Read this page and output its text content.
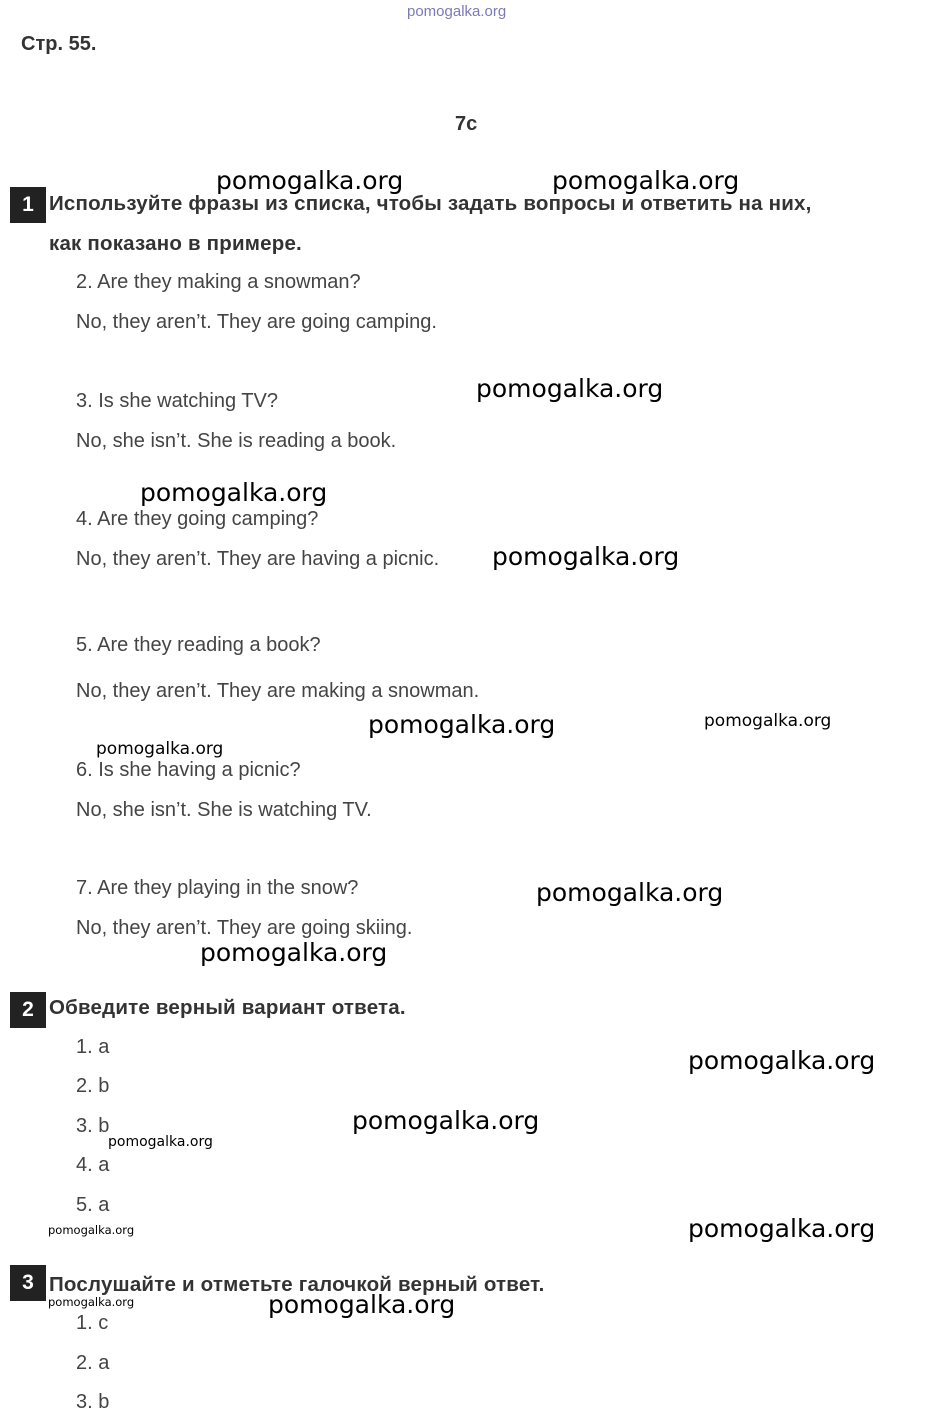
pomogalka.org
Стр. 55.
7c
1 Используйте фразы из списка, чтобы задать вопросы и ответить на них,
как показано в примере.
2. Are they making a snowman?
No, they aren’t. They are going camping.
3. Is she watching TV?
No, she isn’t. She is reading a book.
4. Are they going camping?
No, they aren’t. They are having a picnic.
5. Are they reading a book?
No, they aren’t. They are making a snowman.
6. Is she having a picnic?
No, she isn’t. She is watching TV.
7. Are they playing in the snow?
No, they aren’t. They are going skiing.
2 Обведите верный вариант ответа.
1. a
2. b
3. b
4. a
5. a
3 Послушайте и отметьте галочкой верный ответ.
1. c
2. a
3. b
pomogalka.org	pomogalka.org
pomogalka.org
pomogalka.org
pomogalka.org
pomogalka.org	pomogalka.org
pomogalka.org
pomogalka.org
pomogalka.org
pomogalka.org
pomogalka.org
pomogalka.org
pomogalka.org	pomogalka.org
pomogalka.org	pomogalka.org
